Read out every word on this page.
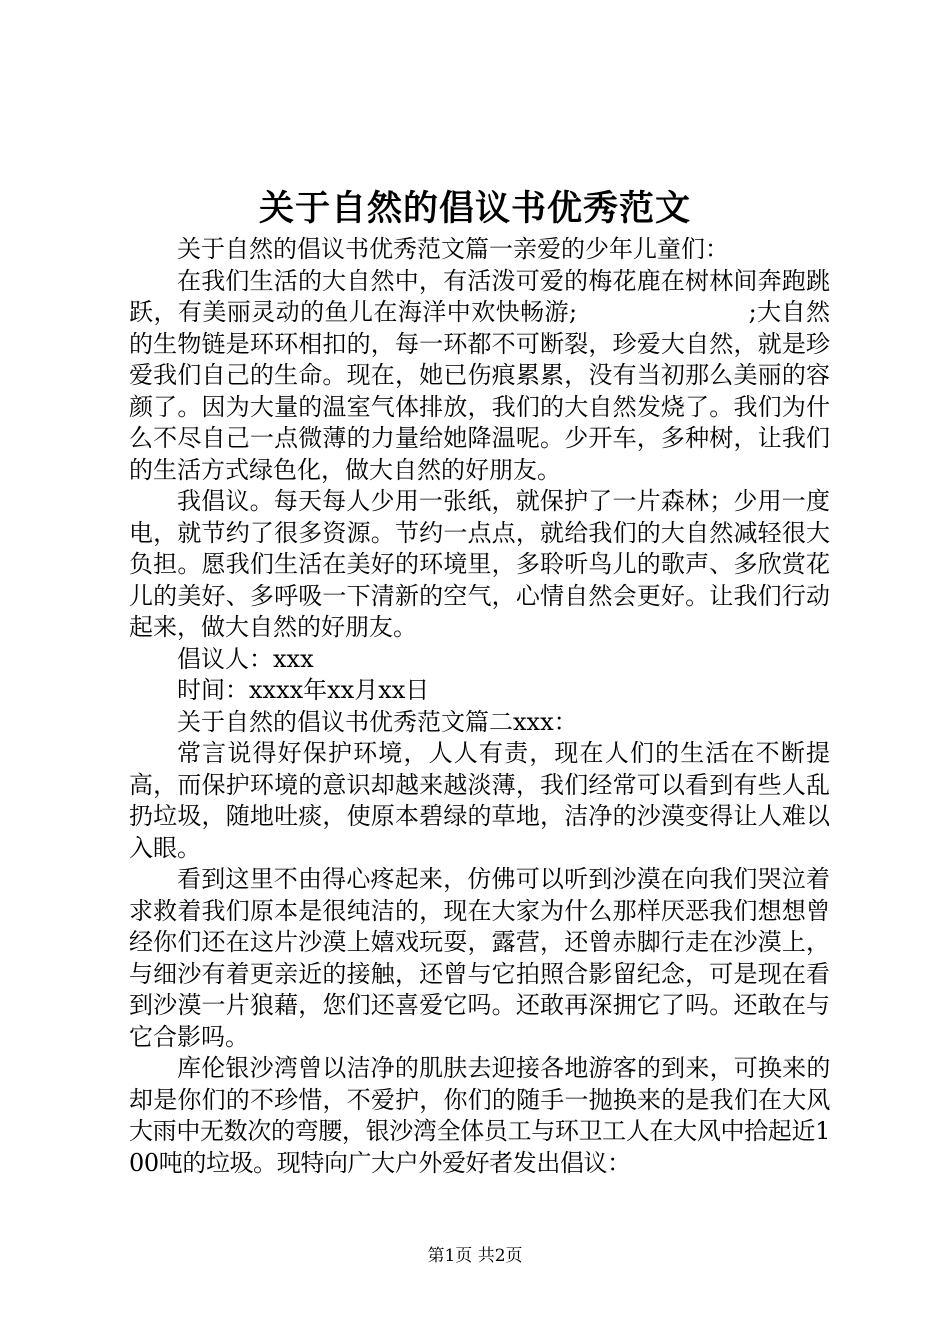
关于自然的倡议书优秀范文

关于自然的倡议书优秀范文篇一亲爱的少年儿童们：

在我们生活的大自然中，有活泼可爱的梅花鹿在树林间奔跑跳跃，有美丽灵动的鱼儿在海洋中欢快畅游;　　　　　　　;大自然的生物链是环环相扣的，每一环都不可断裂，珍爱大自然，就是珍爱我们自己的生命。现在，她已伤痕累累，没有当初那么美丽的容颜了。因为大量的温室气体排放，我们的大自然发烧了。我们为什么不尽自己一点微薄的力量给她降温呢。少开车，多种树，让我们的生活方式绿色化，做大自然的好朋友。

我倡议。每天每人少用一张纸，就保护了一片森林；少用一度电，就节约了很多资源。节约一点点，就给我们的大自然减轻很大负担。愿我们生活在美好的环境里，多聆听鸟儿的歌声、多欣赏花儿的美好、多呼吸一下清新的空气，心情自然会更好。让我们行动起来，做大自然的好朋友。

倡议人：xxx

时间：xxxx年xx月xx日

关于自然的倡议书优秀范文篇二xxx：

常言说得好保护环境，人人有责，现在人们的生活在不断提高，而保护环境的意识却越来越淡薄，我们经常可以看到有些人乱扔垃圾，随地吐痰，使原本碧绿的草地，洁净的沙漠变得让人难以入眼。

看到这里不由得心疼起来，仿佛可以听到沙漠在向我们哭泣着求救着我们原本是很纯洁的，现在大家为什么那样厌恶我们想想曾经你们还在这片沙漠上嬉戏玩耍，露营，还曾赤脚行走在沙漠上，与细沙有着更亲近的接触，还曾与它拍照合影留纪念，可是现在看到沙漠一片狼藉，您们还喜爱它吗。还敢再深拥它了吗。还敢在与它合影吗。

库伦银沙湾曾以洁净的肌肤去迎接各地游客的到来，可换来的却是你们的不珍惜，不爱护，你们的随手一抛换来的是我们在大风大雨中无数次的弯腰，银沙湾全体员工与环卫工人在大风中拾起近100吨的垃圾。现特向广大户外爱好者发出倡议：

第1页 共2页
